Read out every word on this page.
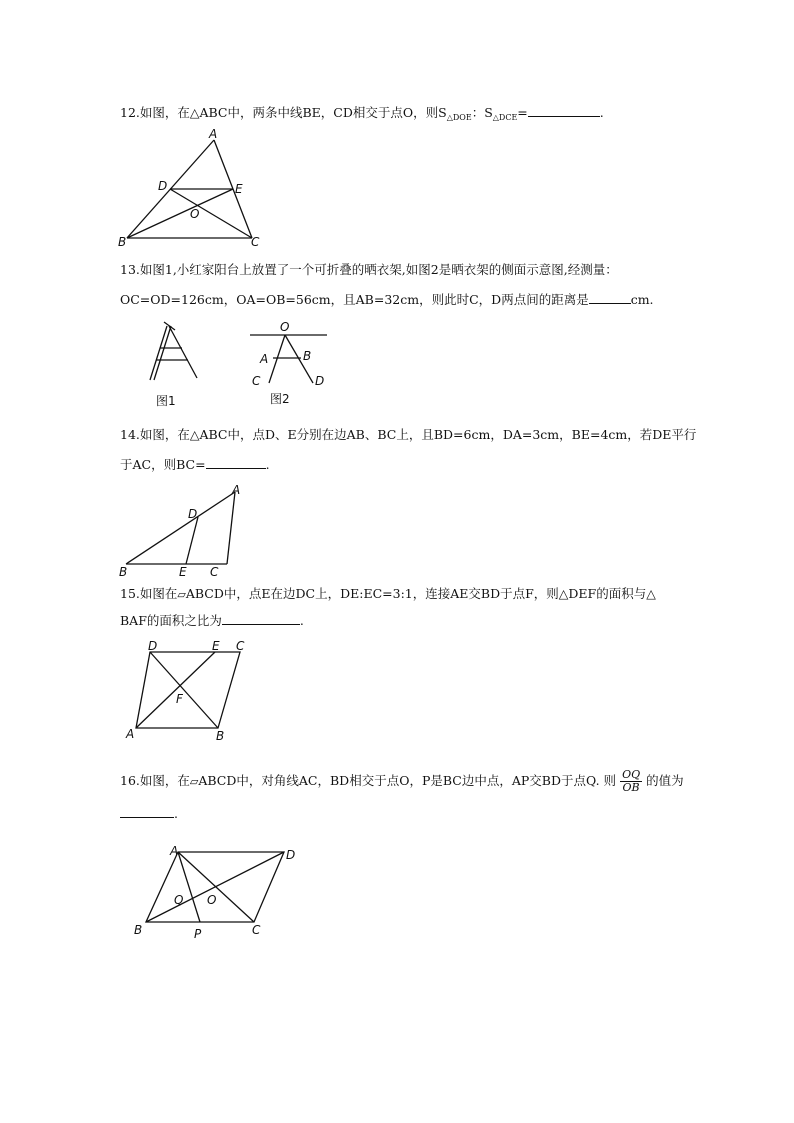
12.如图，在△ABC中，两条中线BE，CD相交于点O，则$S_{\triangle DOE}$：$S_{\triangle DCE}=$	.
A
B	C
D	E
O
13.如图1,小红家阳台上放置了一个可折叠的晒衣架,如图2是晒衣架的侧面示意图,经测量：
OC=OD=126cm，OA=OB=56cm，且AB=32cm，则此时C，D两点间的距离是	cm.
图1
O
A	B
C	D
图2
14.如图，在△ABC中，点D、E分别在边AB、BC上，且BD=6cm，DA=3cm，BE=4cm，若DE平行
于AC，则BC=	.
A
B	C
D
E
15.如图在▱ABCD中，点E在边DC上，DE:EC=3:1，连接AE交BD于点F，则△DEF的面积与△
BAF的面积之比为	.
D	E C
F
A	B
16.如图，在▱ABCD中，对角线AC，BD相交于点O，P是BC边中点，AP交BD于点Q. 则 $\frac{OQ}{OB}$ 的值为
.
A	D
Q O
B	P	C
